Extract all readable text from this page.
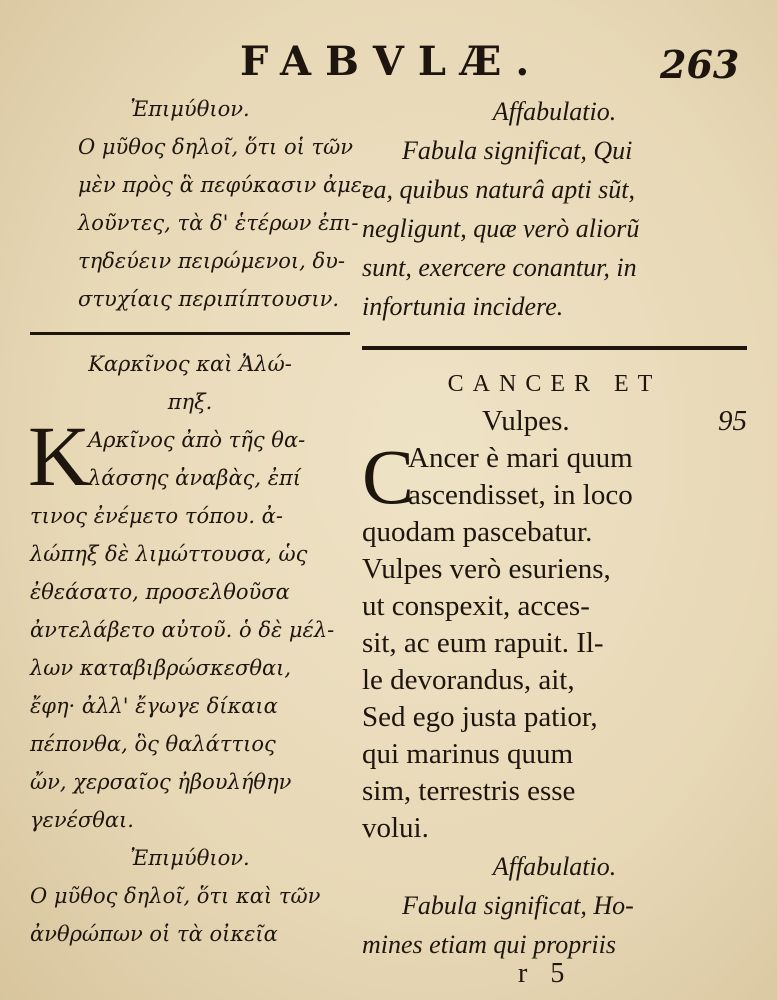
FABVLÆ.	263
Ἐπιμύθιον.
Ο μῦθος δηλοῖ, ὅτι οἱ τῶν
μὲν πρὸς ἃ πεφύκασιν ἀμε-
λοῦντες, τὰ δ' ἑτέρων ἐπι-
τηδεύειν πειρώμενοι, δυ-
στυχίαις περιπίπτουσιν.
Καρκῖνος καὶ Ἀλώ-
πηξ.
K
Αρκῖνος ἀπὸ τῆς θα-
λάσσης ἀναβὰς, ἐπί
τινος ἐνέμετο τόπου. ἀ-
λώπηξ δὲ λιμώττουσα, ὡς
ἐθεάσατο, προσελθοῦσα
ἀντελάβετο αὐτοῦ. ὁ δὲ μέλ-
λων καταβιβρώσκεσθαι,
ἔφη· ἀλλ' ἔγωγε δίκαια
πέπονθα, ὃς θαλάττιος
ὤν, χερσαῖος ἠβουλήθην
γενέσθαι.
Ἐπιμύθιον.
Ο μῦθος δηλοῖ, ὅτι καὶ τῶν
ἀνθρώπων οἱ τὰ οἰκεῖα
Affabulatio.
Fabula significat, Qui
ea, quibus naturâ apti sũt,
negligunt, quæ verò aliorũ
sunt, exercere conantur, in
infortunia incidere.
CANCER ET
Vulpes.	95
C
Ancer è mari quum
ascendisset, in loco
quodam pascebatur.
Vulpes verò esuriens,
ut conspexit, acces-
sit, ac eum rapuit. Il-
le devorandus, ait,
Sed ego justa patior,
qui marinus quum
sim, terrestris esse
volui.
Affabulatio.
Fabula significat, Ho-
mines etiam qui propriis
r 5
